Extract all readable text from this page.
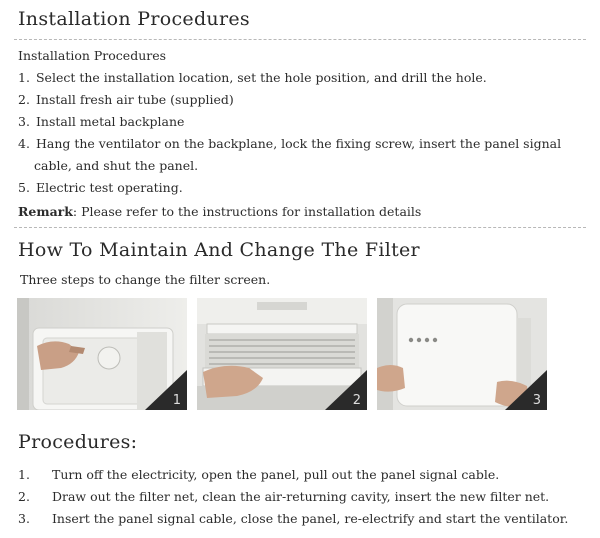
Installation Procedures
Installation Procedures
1. Select the installation location, set the hole position, and drill the hole.
2. Install fresh air tube (supplied)
3. Install metal backplane
4. Hang the ventilator on the backplane, lock the fixing screw, insert the panel signal
cable, and shut the panel.
5. Electric test operating.
Remark: Please refer to the instructions for installation details
How To Maintain And Change The Filter
Three steps to change the filter screen.
1	2	3
Procedures:
1. Turn off the electricity, open the panel, pull out the panel signal cable.
2. Draw out the filter net, clean the air-returning cavity, insert the new filter net.
3. Insert the panel signal cable, close the panel, re-electrify and start the ventilator.
